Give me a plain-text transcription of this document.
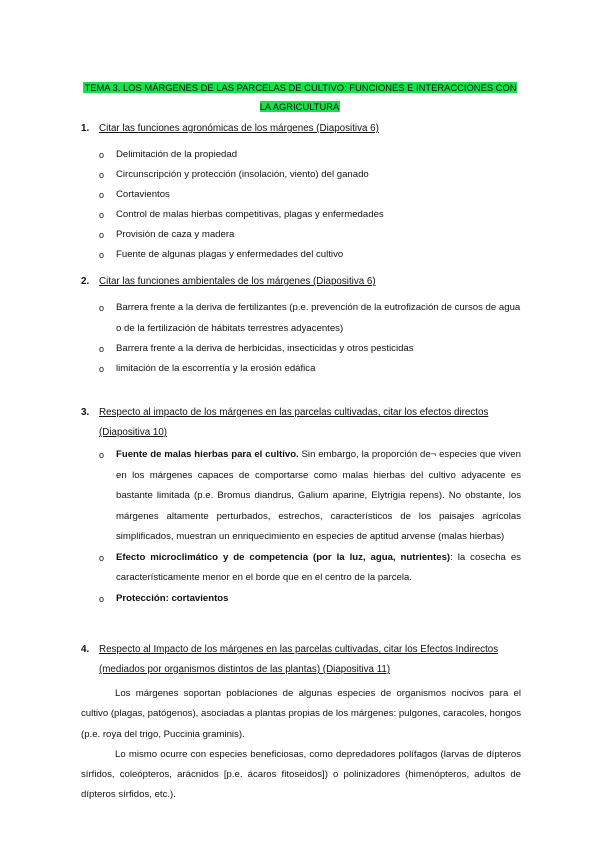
TEMA 3. LOS MÁRGENES DE LAS PARCELAS DE CULTIVO: FUNCIONES E INTERACCIONES CON LA AGRICULTURA
1.	Citar las funciones agronómicas de los márgenes (Diapositiva 6)
o Delimitación de la propiedad
o Circunscripción y protección (insolación, viento) del ganado
o Cortavientos
o Control de malas hierbas competitivas, plagas y enfermedades
o Provisión de caza y madera
o Fuente de algunas plagas y enfermedades del cultivo
2.	Citar las funciones ambientales de los márgenes (Diapositiva 6)
o Barrera frente a la deriva de fertilizantes (p.e. prevención de la eutrofización de cursos de agua o de la fertilización de hábitats terrestres adyacentes)
o Barrera frente a la deriva de herbicidas, insecticidas y otros pesticidas
o limitación de la escorrentía y la erosión edáfica
3.	Respecto al impacto de los márgenes en las parcelas cultivadas, citar los efectos directos (Diapositiva 10)
o Fuente de malas hierbas para el cultivo. Sin embargo, la proporción de¬ especies que viven en los márgenes capaces de comportarse como malas hierbas del cultivo adyacente es bastante limitada (p.e. Bromus diandrus, Galium aparine, Elytrigia repens). No obstante, los márgenes altamente perturbados, estrechos, característicos de los paisajes agrícolas simplificados, muestran un enriquecimiento en especies de aptitud arvense (malas hierbas)
o Efecto microclimático y de competencia (por la luz, agua, nutrientes): la cosecha es característicamente menor en el borde que en el centro de la parcela.
o Protección: cortavientos
4.	Respecto al Impacto de los márgenes en las parcelas cultivadas, citar los Efectos Indirectos (mediados por organismos distintos de las plantas) (Diapositiva 11)
Los márgenes soportan poblaciones de algunas especies de organismos nocivos para el cultivo (plagas, patógenos), asociadas a plantas propias de los márgenes: pulgones, caracoles, hongos (p.e. roya del trigo, Puccinia graminis).
Lo mismo ocurre con especies beneficiosas, como depredadores polífagos (larvas de dípteros sírfidos, coleópteros, arácnidos [p.e. ácaros fitoseidos]) o polinizadores (himenópteros, adultos de dípteros sírfidos, etc.).
